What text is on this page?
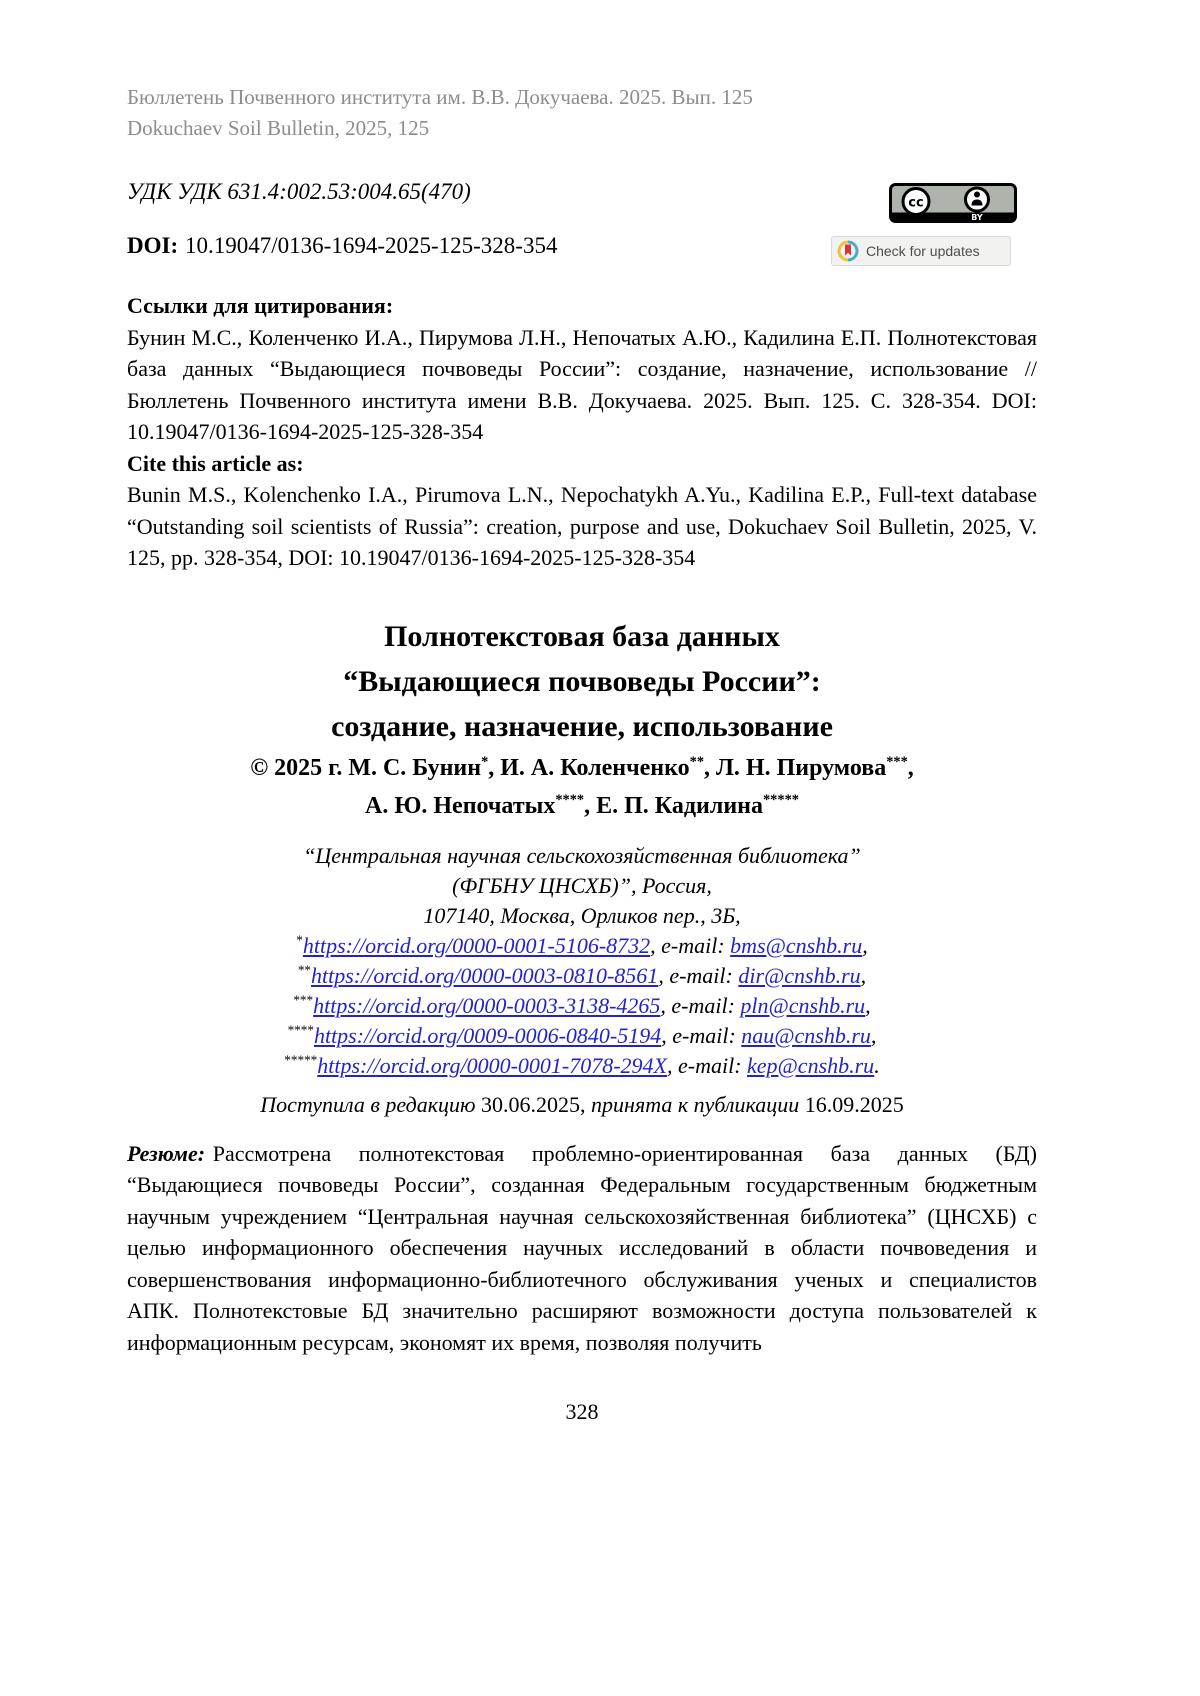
Бюллетень Почвенного института им. В.В. Докучаева. 2025. Вып. 125
Dokuchaev Soil Bulletin, 2025, 125
УДК УДК 631.4:002.53:004.65(470)
DOI: 10.19047/0136-1694-2025-125-328-354
cc
BY
Check for updates
Ссылки для цитирования:
Бунин М.С., Коленченко И.А., Пирумова Л.Н., Непочатых А.Ю., Кадилина Е.П. Полнотекстовая база данных “Выдающиеся почвоведы России”: создание, назначение, использование // Бюллетень Почвенного института имени В.В. Докучаева. 2025. Вып. 125. С. 328-354. DOI: 10.19047/0136-1694-2025-125-328-354
Cite this article as:
Bunin M.S., Kolenchenko I.A., Pirumova L.N., Nepochatykh A.Yu., Kadilina E.P., Full-text database “Outstanding soil scientists of Russia”: creation, purpose and use, Dokuchaev Soil Bulletin, 2025, V. 125, pp. 328-354, DOI: 10.19047/0136-1694-2025-125-328-354
Полнотекстовая база данных
“Выдающиеся почвоведы России”:
создание, назначение, использование
© 2025 г. М. С. Бунин*, И. А. Коленченко**, Л. Н. Пирумова***,
А. Ю. Непочатых****, Е. П. Кадилина*****
“Центральная научная сельскохозяйственная библиотека”
(ФГБНУ ЦНСХБ)”, Россия,
107140, Москва, Орликов пер., 3Б,
*https://orcid.org/0000-0001-5106-8732, e-mail: bms@cnshb.ru,
**https://orcid.org/0000-0003-0810-8561, e-mail: dir@cnshb.ru,
***https://orcid.org/0000-0003-3138-4265, e-mail: pln@cnshb.ru,
****https://orcid.org/0009-0006-0840-5194, e-mail: nau@cnshb.ru,
*****https://orcid.org/0000-0001-7078-294X, e-mail: kep@cnshb.ru.
Поступила в редакцию 30.06.2025, принята к публикации 16.09.2025
Резюме: Рассмотрена полнотекстовая проблемно-ориентированная база данных (БД) “Выдающиеся почвоведы России”, созданная Федеральным государственным бюджетным научным учреждением “Центральная научная сельскохозяйственная библиотека” (ЦНСХБ) с целью информационного обеспечения научных исследований в области почвоведения и совершенствования информационно-библиотечного обслуживания ученых и специалистов АПК. Полнотекстовые БД значительно расширяют возможности доступа пользователей к информационным ресурсам, экономят их время, позволяя получить
328
